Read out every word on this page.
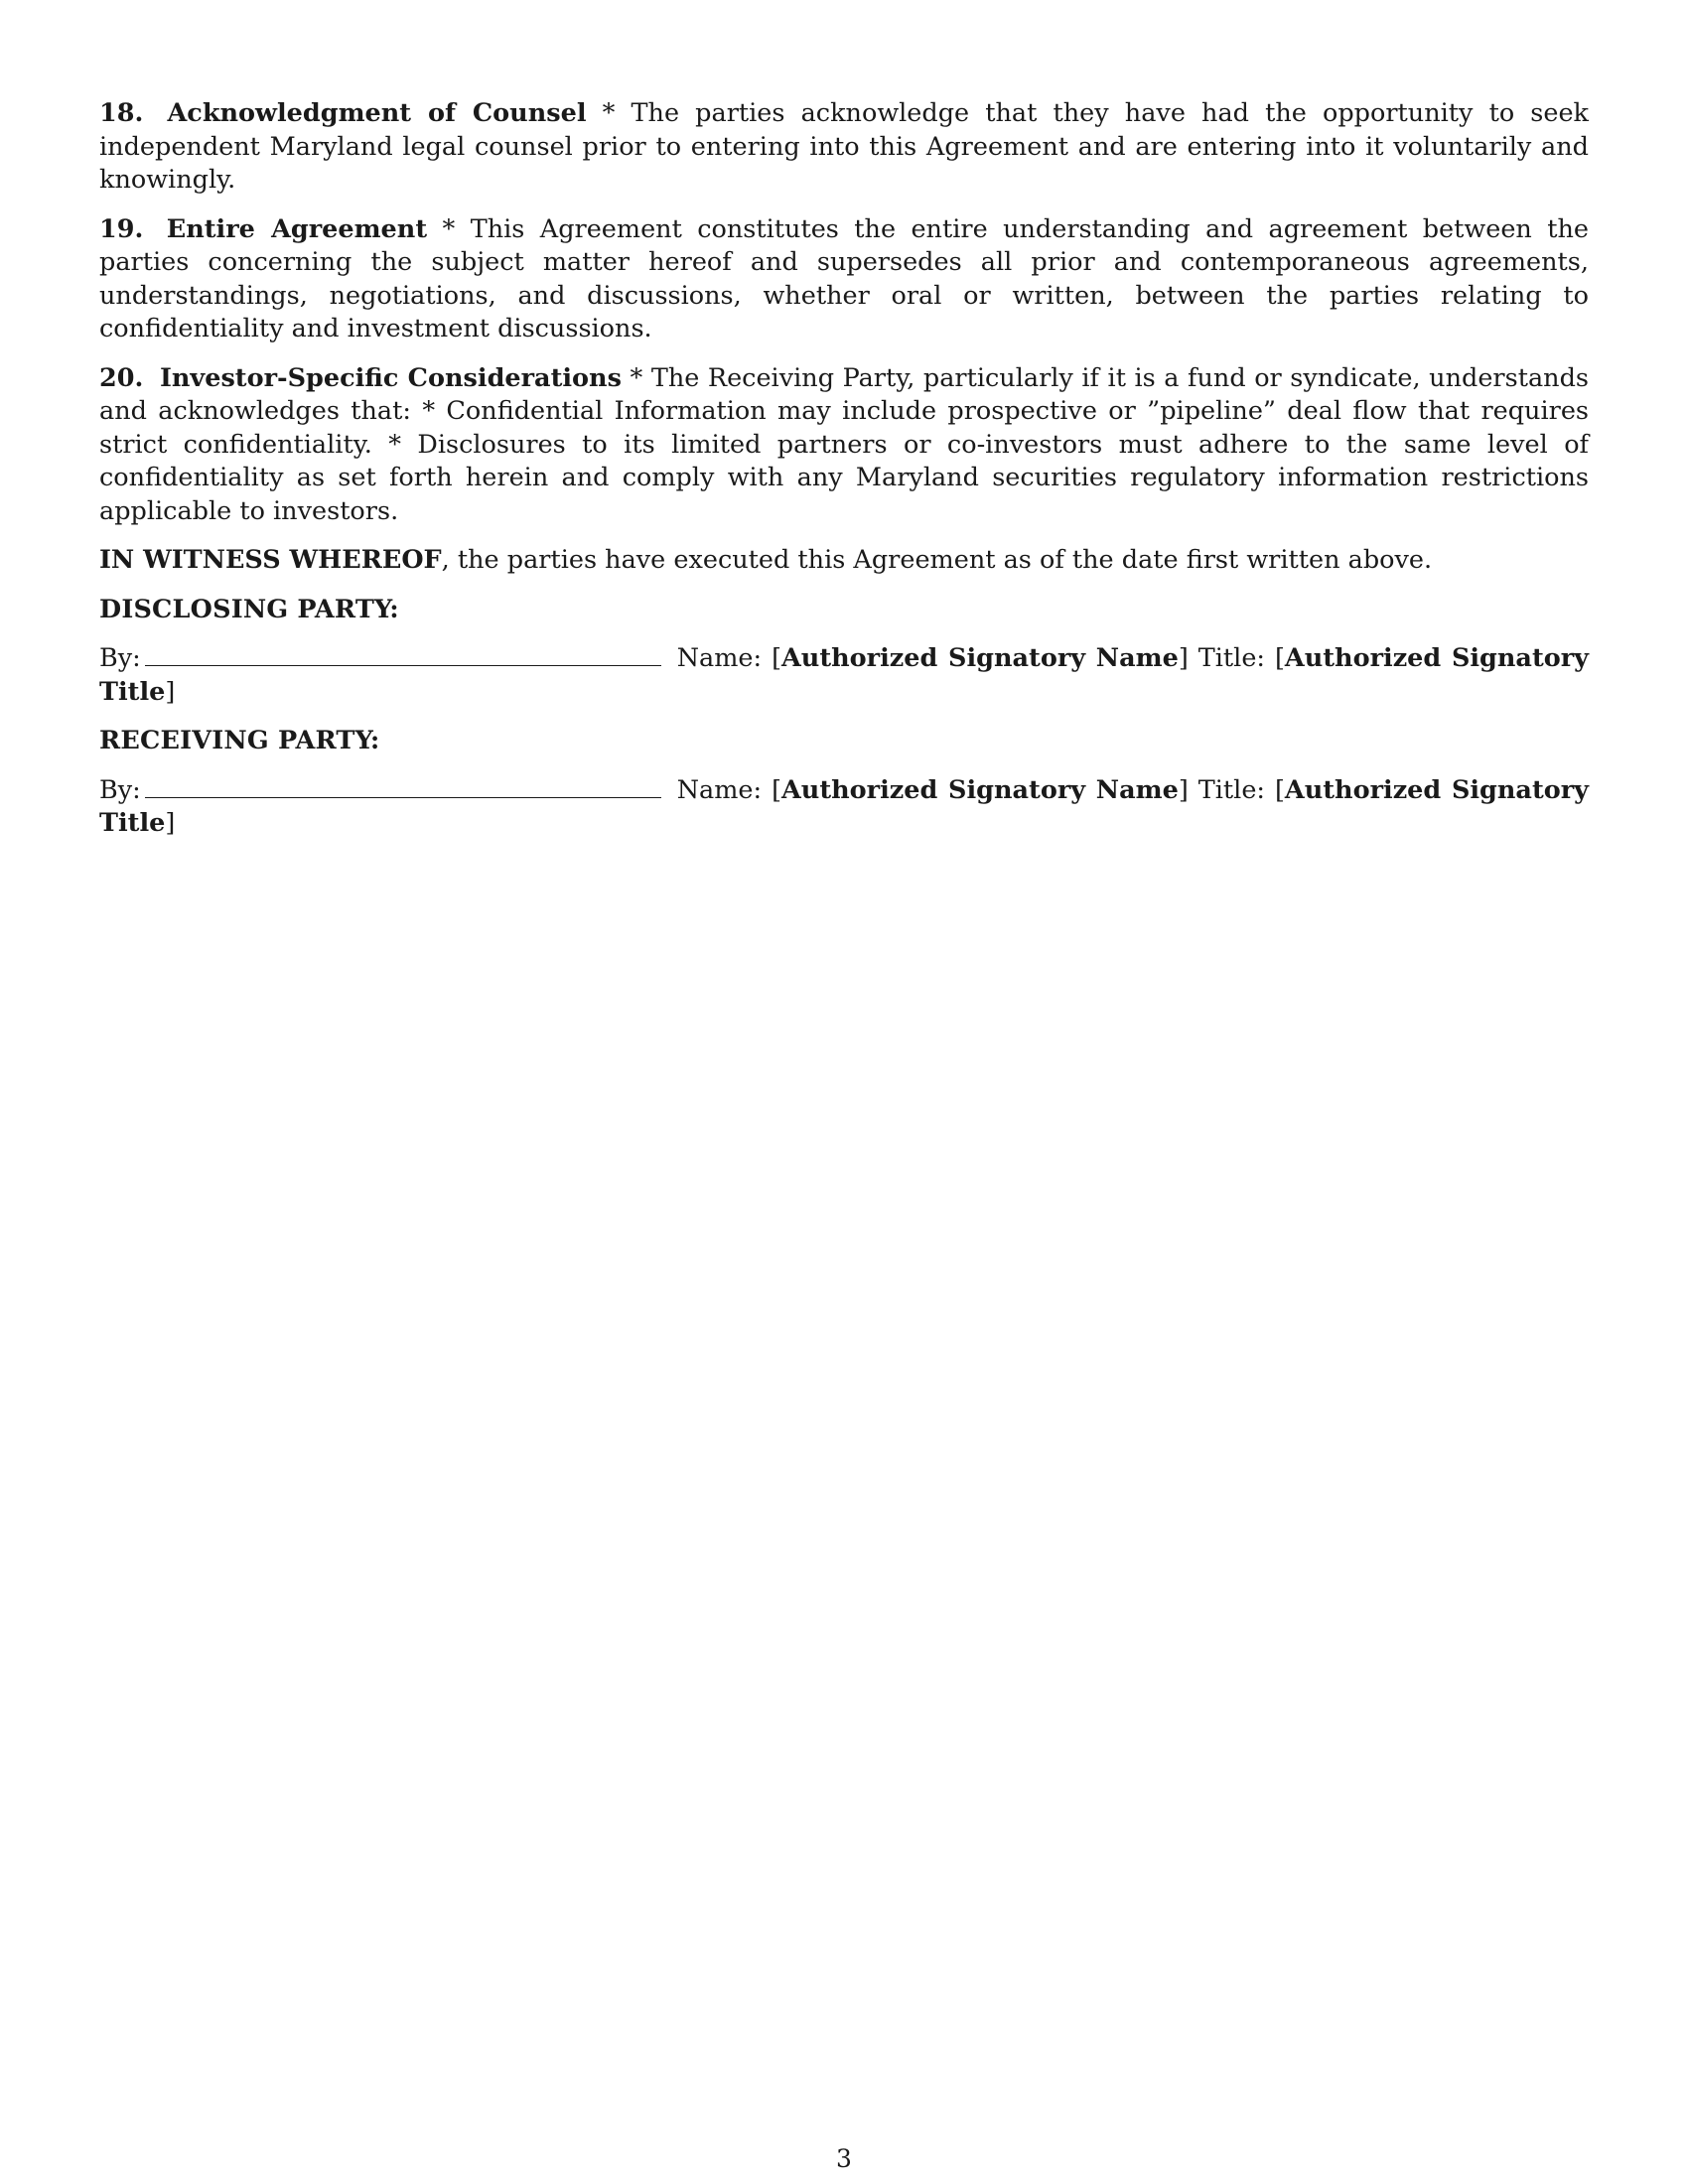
18. Acknowledgment of Counsel * The parties acknowledge that they have had the opportunity to seek independent Maryland legal counsel prior to entering into this Agreement and are entering into it voluntarily and knowingly.

19. Entire Agreement * This Agreement constitutes the entire understanding and agreement between the parties concerning the subject matter hereof and supersedes all prior and contemporaneous agreements, understandings, negotiations, and discussions, whether oral or written, between the parties relating to confidentiality and investment discussions.

20. Investor-Specific Considerations * The Receiving Party, particularly if it is a fund or syndicate, understands and acknowledges that: * Confidential Information may include prospective or ”pipeline” deal flow that requires strict confidentiality. * Disclosures to its limited partners or co-investors must adhere to the same level of confidentiality as set forth herein and comply with any Maryland securities regulatory information restrictions applicable to investors.

IN WITNESS WHEREOF, the parties have executed this Agreement as of the date first written above.

DISCLOSING PARTY:

By:	Name: [Authorized Signatory Name] Title: [Authorized Signatory Title]

RECEIVING PARTY:

By:	Name: [Authorized Signatory Name] Title: [Authorized Signatory Title]

3
